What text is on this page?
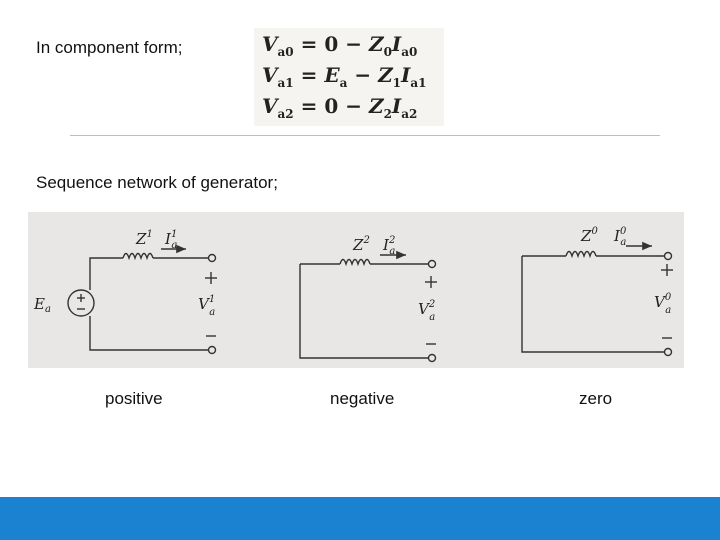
In component form;	$V_{a0} = 0 - Z_0I_{a0}$
$V_{a1} = E_a - Z_1I_{a1}$
$V_{a2} = 0 - Z_2I_{a2}$
Sequence network of generator;
$E_a$
$Z^1$ $I^1$ a
$V^1$ a
$Z^2$ $I^2$ a
$V^2$ a
$Z^0$ $I^0$ a
$V^0$ a
positive	negative	zero
